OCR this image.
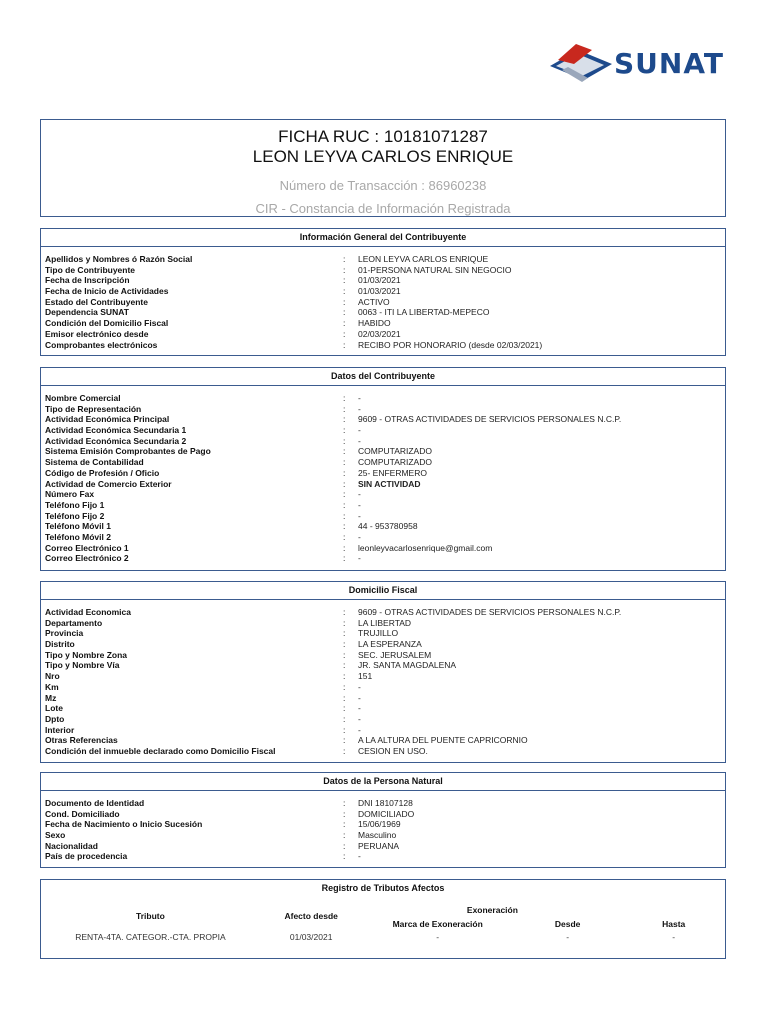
SUNAT
FICHA RUC : 10181071287
LEON LEYVA CARLOS ENRIQUE
Número de Transacción : 86960238
CIR - Constancia de Información Registrada
Información General del Contribuyente
Apellidos y Nombres ó Razón Social	:	LEON LEYVA CARLOS ENRIQUE
Tipo de Contribuyente	:	01-PERSONA NATURAL SIN NEGOCIO
Fecha de Inscripción	:	01/03/2021
Fecha de Inicio de Actividades	:	01/03/2021
Estado del Contribuyente	:	ACTIVO
Dependencia SUNAT	:	0063 - ITI LA LIBERTAD-MEPECO
Condición del Domicilio Fiscal	:	HABIDO
Emisor electrónico desde	:	02/03/2021
Comprobantes electrónicos	:	RECIBO POR HONORARIO (desde 02/03/2021)
Datos del Contribuyente
Nombre Comercial	:	-
Tipo de Representación	:	-
Actividad Económica Principal	:	9609 - OTRAS ACTIVIDADES DE SERVICIOS PERSONALES N.C.P.
Actividad Económica Secundaria 1	:	-
Actividad Económica Secundaria 2	:	-
Sistema Emisión Comprobantes de Pago	:	COMPUTARIZADO
Sistema de Contabilidad	:	COMPUTARIZADO
Código de Profesión / Oficio	:	25- ENFERMERO
Actividad de Comercio Exterior	:	SIN ACTIVIDAD
Número Fax	:	-
Teléfono Fijo 1	:	-
Teléfono Fijo 2	:	-
Teléfono Móvil 1	:	44 - 953780958
Teléfono Móvil 2	:	-
Correo Electrónico 1	:	leonleyvacarlosenrique@gmail.com
Correo Electrónico 2	:	-
Domicilio Fiscal
Actividad Economica	:	9609 - OTRAS ACTIVIDADES DE SERVICIOS PERSONALES N.C.P.
Departamento	:	LA LIBERTAD
Provincia	:	TRUJILLO
Distrito	:	LA ESPERANZA
Tipo y Nombre Zona	:	SEC. JERUSALEM
Tipo y Nombre Vía	:	JR. SANTA MAGDALENA
Nro	:	151
Km	:	-
Mz	:	-
Lote	:	-
Dpto	:	-
Interior	:	-
Otras Referencias	:	A LA ALTURA DEL PUENTE CAPRICORNIO
Condición del inmueble declarado como Domicilio Fiscal	:	CESION EN USO.
Datos de la Persona Natural
Documento de Identidad	:	DNI 18107128
Cond. Domiciliado	:	DOMICILIADO
Fecha de Nacimiento o Inicio Sucesión	:	15/06/1969
Sexo	:	Masculino
Nacionalidad	:	PERUANA
País de procedencia	:	-
Registro de Tributos Afectos
Tributo	Afecto desde	Exoneración		
		Marca de Exoneración	Desde	Hasta
RENTA-4TA. CATEGOR.-CTA. PROPIA	01/03/2021	-	-	-
